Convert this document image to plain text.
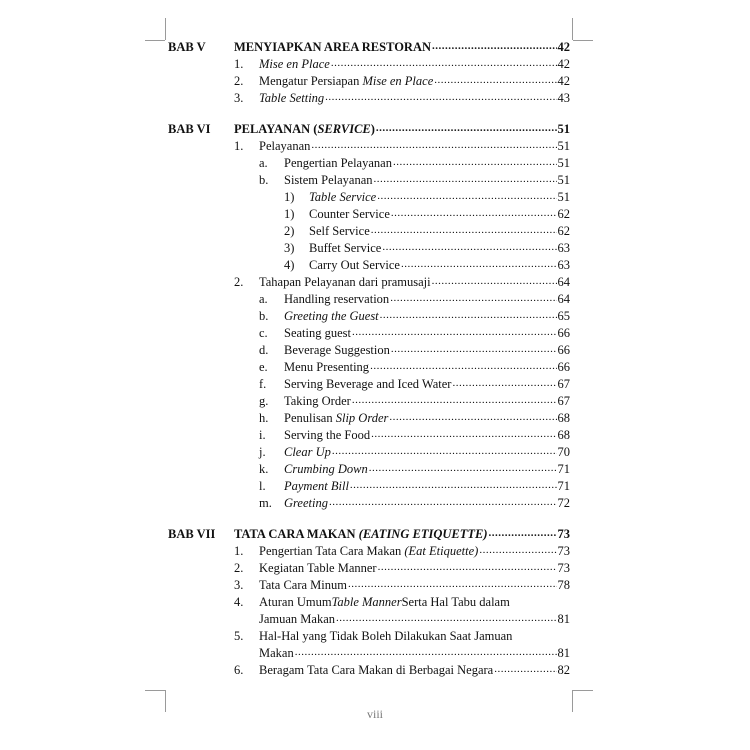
BAB V MENYIAPKAN AREA RESTORAN .....	42
1. Mise en Place .....	42
2. Mengatur Persiapan Mise en Place .....	42
3. Table Setting .....	43
BAB VI PELAYANAN (SERVICE) .....	51
1. Pelayanan .....	51
a. Pengertian Pelayanan .....	51
b. Sistem Pelayanan .....	51
1) Table Service .....	51
1) Counter Service .....	62
2) Self Service .....	62
3) Buffet Service .....	63
4) Carry Out Service .....	63
2. Tahapan Pelayanan dari pramusaji .....	64
a. Handling reservation .....	64
b. Greeting the Guest .....	65
c. Seating guest .....	66
d. Beverage Suggestion .....	66
e. Menu Presenting .....	66
f. Serving Beverage and Iced Water .....	67
g. Taking Order .....	67
h. Penulisan Slip Order .....	68
i. Serving the Food .....	68
j. Clear Up .....	70
k. Crumbing Down .....	71
l. Payment Bill .....	71
m. Greeting .....	72
BAB VII TATA CARA MAKAN (EATING ETIQUETTE) .....	73
1. Pengertian Tata Cara Makan (Eat Etiquette) .....	73
2. Kegiatan Table Manner .....	73
3. Tata Cara Minum .....	78
4. Aturan Umum Table Manner Serta Hal Tabu dalam
Jamuan Makan .....	81
5. Hal-Hal yang Tidak Boleh Dilakukan Saat Jamuan
Makan .....	81
6. Beragam Tata Cara Makan di Berbagai Negara .....	82
viii
